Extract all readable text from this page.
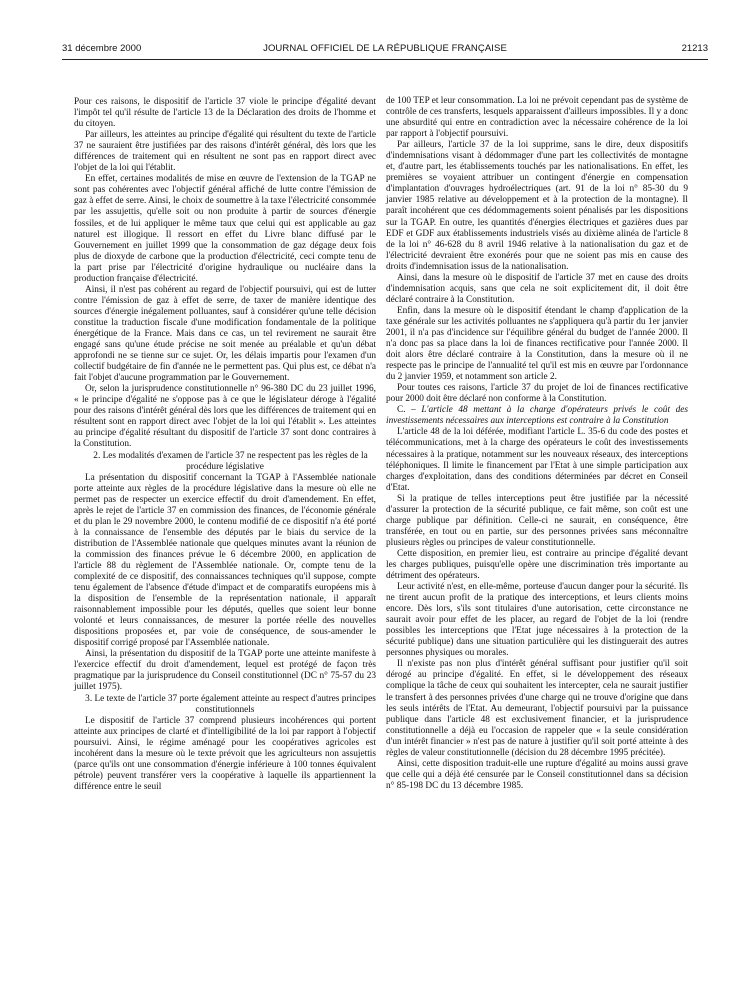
31 décembre 2000	JOURNAL OFFICIEL DE LA RÉPUBLIQUE FRANÇAISE	21213

Pour ces raisons, le dispositif de l'article 37 viole le principe d'égalité devant l'impôt tel qu'il résulte de l'article 13 de la Déclaration des droits de l'homme et du citoyen.

Par ailleurs, les atteintes au principe d'égalité qui résultent du texte de l'article 37 ne sauraient être justifiées par des raisons d'intérêt général, dès lors que les différences de traitement qui en résultent ne sont pas en rapport direct avec l'objet de la loi qui l'établit.

En effet, certaines modalités de mise en œuvre de l'extension de la TGAP ne sont pas cohérentes avec l'objectif général affiché de lutte contre l'émission de gaz à effet de serre. Ainsi, le choix de soumettre à la taxe l'électricité consommée par les assujettis, qu'elle soit ou non produite à partir de sources d'énergie fossiles, et de lui appliquer le même taux que celui qui est applicable au gaz naturel est illogique. Il ressort en effet du Livre blanc diffusé par le Gouvernement en juillet 1999 que la consommation de gaz dégage deux fois plus de dioxyde de carbone que la production d'électricité, ceci compte tenu de la part prise par l'électricité d'origine hydraulique ou nucléaire dans la production française d'électricité.

Ainsi, il n'est pas cohérent au regard de l'objectif poursuivi, qui est de lutter contre l'émission de gaz à effet de serre, de taxer de manière identique des sources d'énergie inégalement polluantes, sauf à considérer qu'une telle décision constitue la traduction fiscale d'une modification fondamentale de la politique énergétique de la France. Mais dans ce cas, un tel revirement ne saurait être engagé sans qu'une étude précise ne soit menée au préalable et qu'un débat approfondi ne se tienne sur ce sujet. Or, les délais impartis pour l'examen d'un collectif budgétaire de fin d'année ne le permettent pas. Qui plus est, ce débat n'a fait l'objet d'aucune programmation par le Gouvernement.

Or, selon la jurisprudence constitutionnelle n° 96-380 DC du 23 juillet 1996, « le principe d'égalité ne s'oppose pas à ce que le législateur déroge à l'égalité pour des raisons d'intérêt général dès lors que les différences de traitement qui en résultent sont en rapport direct avec l'objet de la loi qui l'établit ». Les atteintes au principe d'égalité résultant du dispositif de l'article 37 sont donc contraires à la Constitution.

2. Les modalités d'examen de l'article 37 ne respectent pas les règles de la procédure législative

La présentation du dispositif concernant la TGAP à l'Assemblée nationale porte atteinte aux règles de la procédure législative dans la mesure où elle ne permet pas de respecter un exercice effectif du droit d'amendement. En effet, après le rejet de l'article 37 en commission des finances, de l'économie générale et du plan le 29 novembre 2000, le contenu modifié de ce dispositif n'a été porté à la connaissance de l'ensemble des députés par le biais du service de la distribution de l'Assemblée nationale que quelques minutes avant la réunion de la commission des finances prévue le 6 décembre 2000, en application de l'article 88 du règlement de l'Assemblée nationale. Or, compte tenu de la complexité de ce dispositif, des connaissances techniques qu'il suppose, compte tenu également de l'absence d'étude d'impact et de comparatifs européens mis à la disposition de l'ensemble de la représentation nationale, il apparaît raisonnablement impossible pour les députés, quelles que soient leur bonne volonté et leurs connaissances, de mesurer la portée réelle des nouvelles dispositions proposées et, par voie de conséquence, de sous-amender le dispositif corrigé proposé par l'Assemblée nationale.

Ainsi, la présentation du dispositif de la TGAP porte une atteinte manifeste à l'exercice effectif du droit d'amendement, lequel est protégé de façon très pragmatique par la jurisprudence du Conseil constitutionnel (DC n° 75-57 du 23 juillet 1975).

3. Le texte de l'article 37 porte également atteinte au respect d'autres principes constitutionnels

Le dispositif de l'article 37 comprend plusieurs incohérences qui portent atteinte aux principes de clarté et d'intelligibilité de la loi par rapport à l'objectif poursuivi. Ainsi, le régime aménagé pour les coopératives agricoles est incohérent dans la mesure où le texte prévoit que les agriculteurs non assujettis (parce qu'ils ont une consommation d'énergie inférieure à 100 tonnes équivalent pétrole) peuvent transférer vers la coopérative à laquelle ils appartiennent la différence entre le seuil

de 100 TEP et leur consommation. La loi ne prévoit cependant pas de système de contrôle de ces transferts, lesquels apparaissent d'ailleurs impossibles. Il y a donc une absurdité qui entre en contradiction avec la nécessaire cohérence de la loi par rapport à l'objectif poursuivi.

Par ailleurs, l'article 37 de la loi supprime, sans le dire, deux dispositifs d'indemnisations visant à dédommager d'une part les collectivités de montagne et, d'autre part, les établissements touchés par les nationalisations. En effet, les premières se voyaient attribuer un contingent d'énergie en compensation d'implantation d'ouvrages hydroélectriques (art. 91 de la loi n° 85-30 du 9 janvier 1985 relative au développement et à la protection de la montagne). Il paraît incohérent que ces dédommagements soient pénalisés par les dispositions sur la TGAP. En outre, les quantités d'énergies électriques et gazières dues par EDF et GDF aux établissements industriels visés au dixième alinéa de l'article 8 de la loi n° 46-628 du 8 avril 1946 relative à la nationalisation du gaz et de l'électricité devraient être exonérés pour que ne soient pas mis en cause des droits d'indemnisation issus de la nationalisation.

Ainsi, dans la mesure où le dispositif de l'article 37 met en cause des droits d'indemnisation acquis, sans que cela ne soit explicitement dit, il doit être déclaré contraire à la Constitution.

Enfin, dans la mesure où le dispositif étendant le champ d'application de la taxe générale sur les activités polluantes ne s'appliquera qu'à partir du 1er janvier 2001, il n'a pas d'incidence sur l'équilibre général du budget de l'année 2000. Il n'a donc pas sa place dans la loi de finances rectificative pour l'année 2000. Il doit alors être déclaré contraire à la Constitution, dans la mesure où il ne respecte pas le principe de l'annualité tel qu'il est mis en œuvre par l'ordonnance du 2 janvier 1959, et notamment son article 2.

Pour toutes ces raisons, l'article 37 du projet de loi de finances rectificative pour 2000 doit être déclaré non conforme à la Constitution.

C. – L'article 48 mettant à la charge d'opérateurs privés le coût des investissements nécessaires aux interceptions est contraire à la Constitution

L'article 48 de la loi déférée, modifiant l'article L. 35-6 du code des postes et télécommunications, met à la charge des opérateurs le coût des investissements nécessaires à la pratique, notamment sur les nouveaux réseaux, des interceptions téléphoniques. Il limite le financement par l'Etat à une simple participation aux charges d'exploitation, dans des conditions déterminées par décret en Conseil d'Etat.

Si la pratique de telles interceptions peut être justifiée par la nécessité d'assurer la protection de la sécurité publique, ce fait même, son coût est une charge publique par définition. Celle-ci ne saurait, en conséquence, être transférée, en tout ou en partie, sur des personnes privées sans méconnaître plusieurs règles ou principes de valeur constitutionnelle.

Cette disposition, en premier lieu, est contraire au principe d'égalité devant les charges publiques, puisqu'elle opère une discrimination très importante au détriment des opérateurs.

Leur activité n'est, en elle-même, porteuse d'aucun danger pour la sécurité. Ils ne tirent aucun profit de la pratique des interceptions, et leurs clients moins encore. Dès lors, s'ils sont titulaires d'une autorisation, cette circonstance ne saurait avoir pour effet de les placer, au regard de l'objet de la loi (rendre possibles les interceptions que l'Etat juge nécessaires à la protection de la sécurité publique) dans une situation particulière qui les distinguerait des autres personnes physiques ou morales.

Il n'existe pas non plus d'intérêt général suffisant pour justifier qu'il soit dérogé au principe d'égalité. En effet, si le développement des réseaux complique la tâche de ceux qui souhaitent les intercepter, cela ne saurait justifier le transfert à des personnes privées d'une charge qui ne trouve d'origine que dans les seuls intérêts de l'Etat. Au demeurant, l'objectif poursuivi par la puissance publique dans l'article 48 est exclusivement financier, et la jurisprudence constitutionnelle a déjà eu l'occasion de rappeler que « la seule considération d'un intérêt financier » n'est pas de nature à justifier qu'il soit porté atteinte à des règles de valeur constitutionnelle (décision du 28 décembre 1995 précitée).

Ainsi, cette disposition traduit-elle une rupture d'égalité au moins aussi grave que celle qui a déjà été censurée par le Conseil constitutionnel dans sa décision n° 85-198 DC du 13 décembre 1985.
